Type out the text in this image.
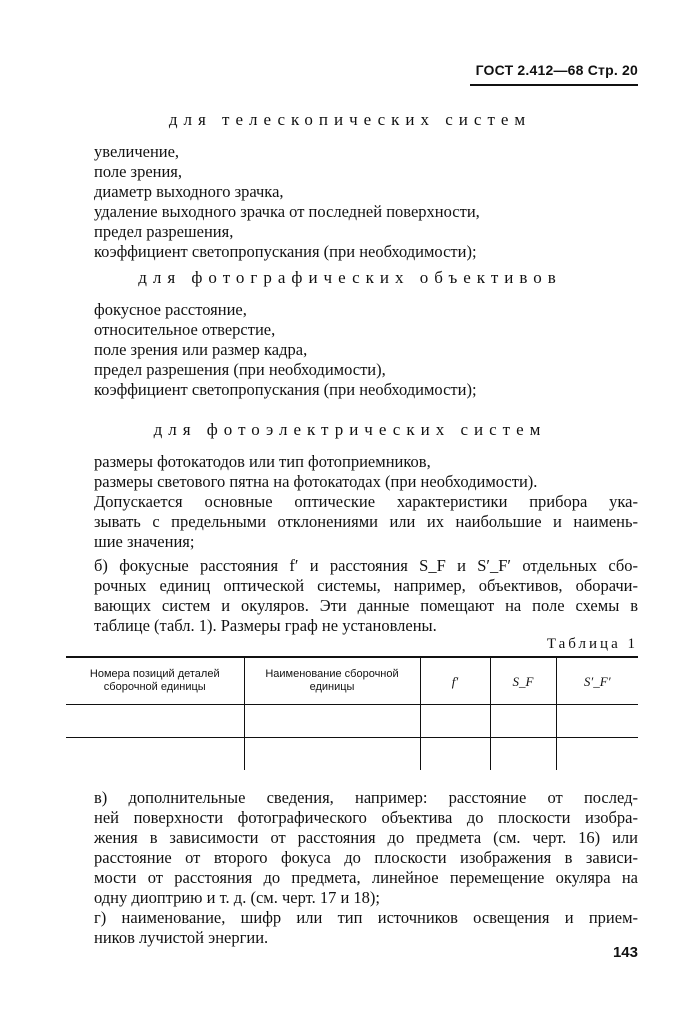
ГОСТ 2.412—68 Стр. 20
для телескопических систем
увеличение,
поле зрения,
диаметр выходного зрачка,
удаление выходного зрачка от последней поверхности,
предел разрешения,
коэффициент светопропускания (при необходимости);
для фотографических объективов
фокусное расстояние,
относительное отверстие,
поле зрения или размер кадра,
предел разрешения (при необходимости),
коэффициент светопропускания (при необходимости);
для фотоэлектрических систем
размеры фотокатодов или тип фотоприемников,
размеры светового пятна на фотокатодах (при необходимости).
Допускается основные оптические характеристики прибора ука-
зывать с предельными отклонениями или их наибольшие и наимень-
шие значения;
б) фокусные расстояния f′ и расстояния S_F и S′_F′ отдельных сбо-
рочных единиц оптической системы, например, объективов, оборачи-
вающих систем и окуляров. Эти данные помещают на поле схемы в
таблице (табл. 1). Размеры граф не установлены.
Таблица 1
Номера позиций деталей сборочной единицы	Наименование сборочной единицы	f′	S_F	S′_F′

в) дополнительные сведения, например: расстояние от послед-
ней поверхности фотографического объектива до плоскости изобра-
жения в зависимости от расстояния до предмета (см. черт. 16) или
расстояние от второго фокуса до плоскости изображения в зависи-
мости от расстояния до предмета, линейное перемещение окуляра на
одну диоптрию и т. д. (см. черт. 17 и 18);
г) наименование, шифр или тип источников освещения и прием-
ников лучистой энергии.
143
